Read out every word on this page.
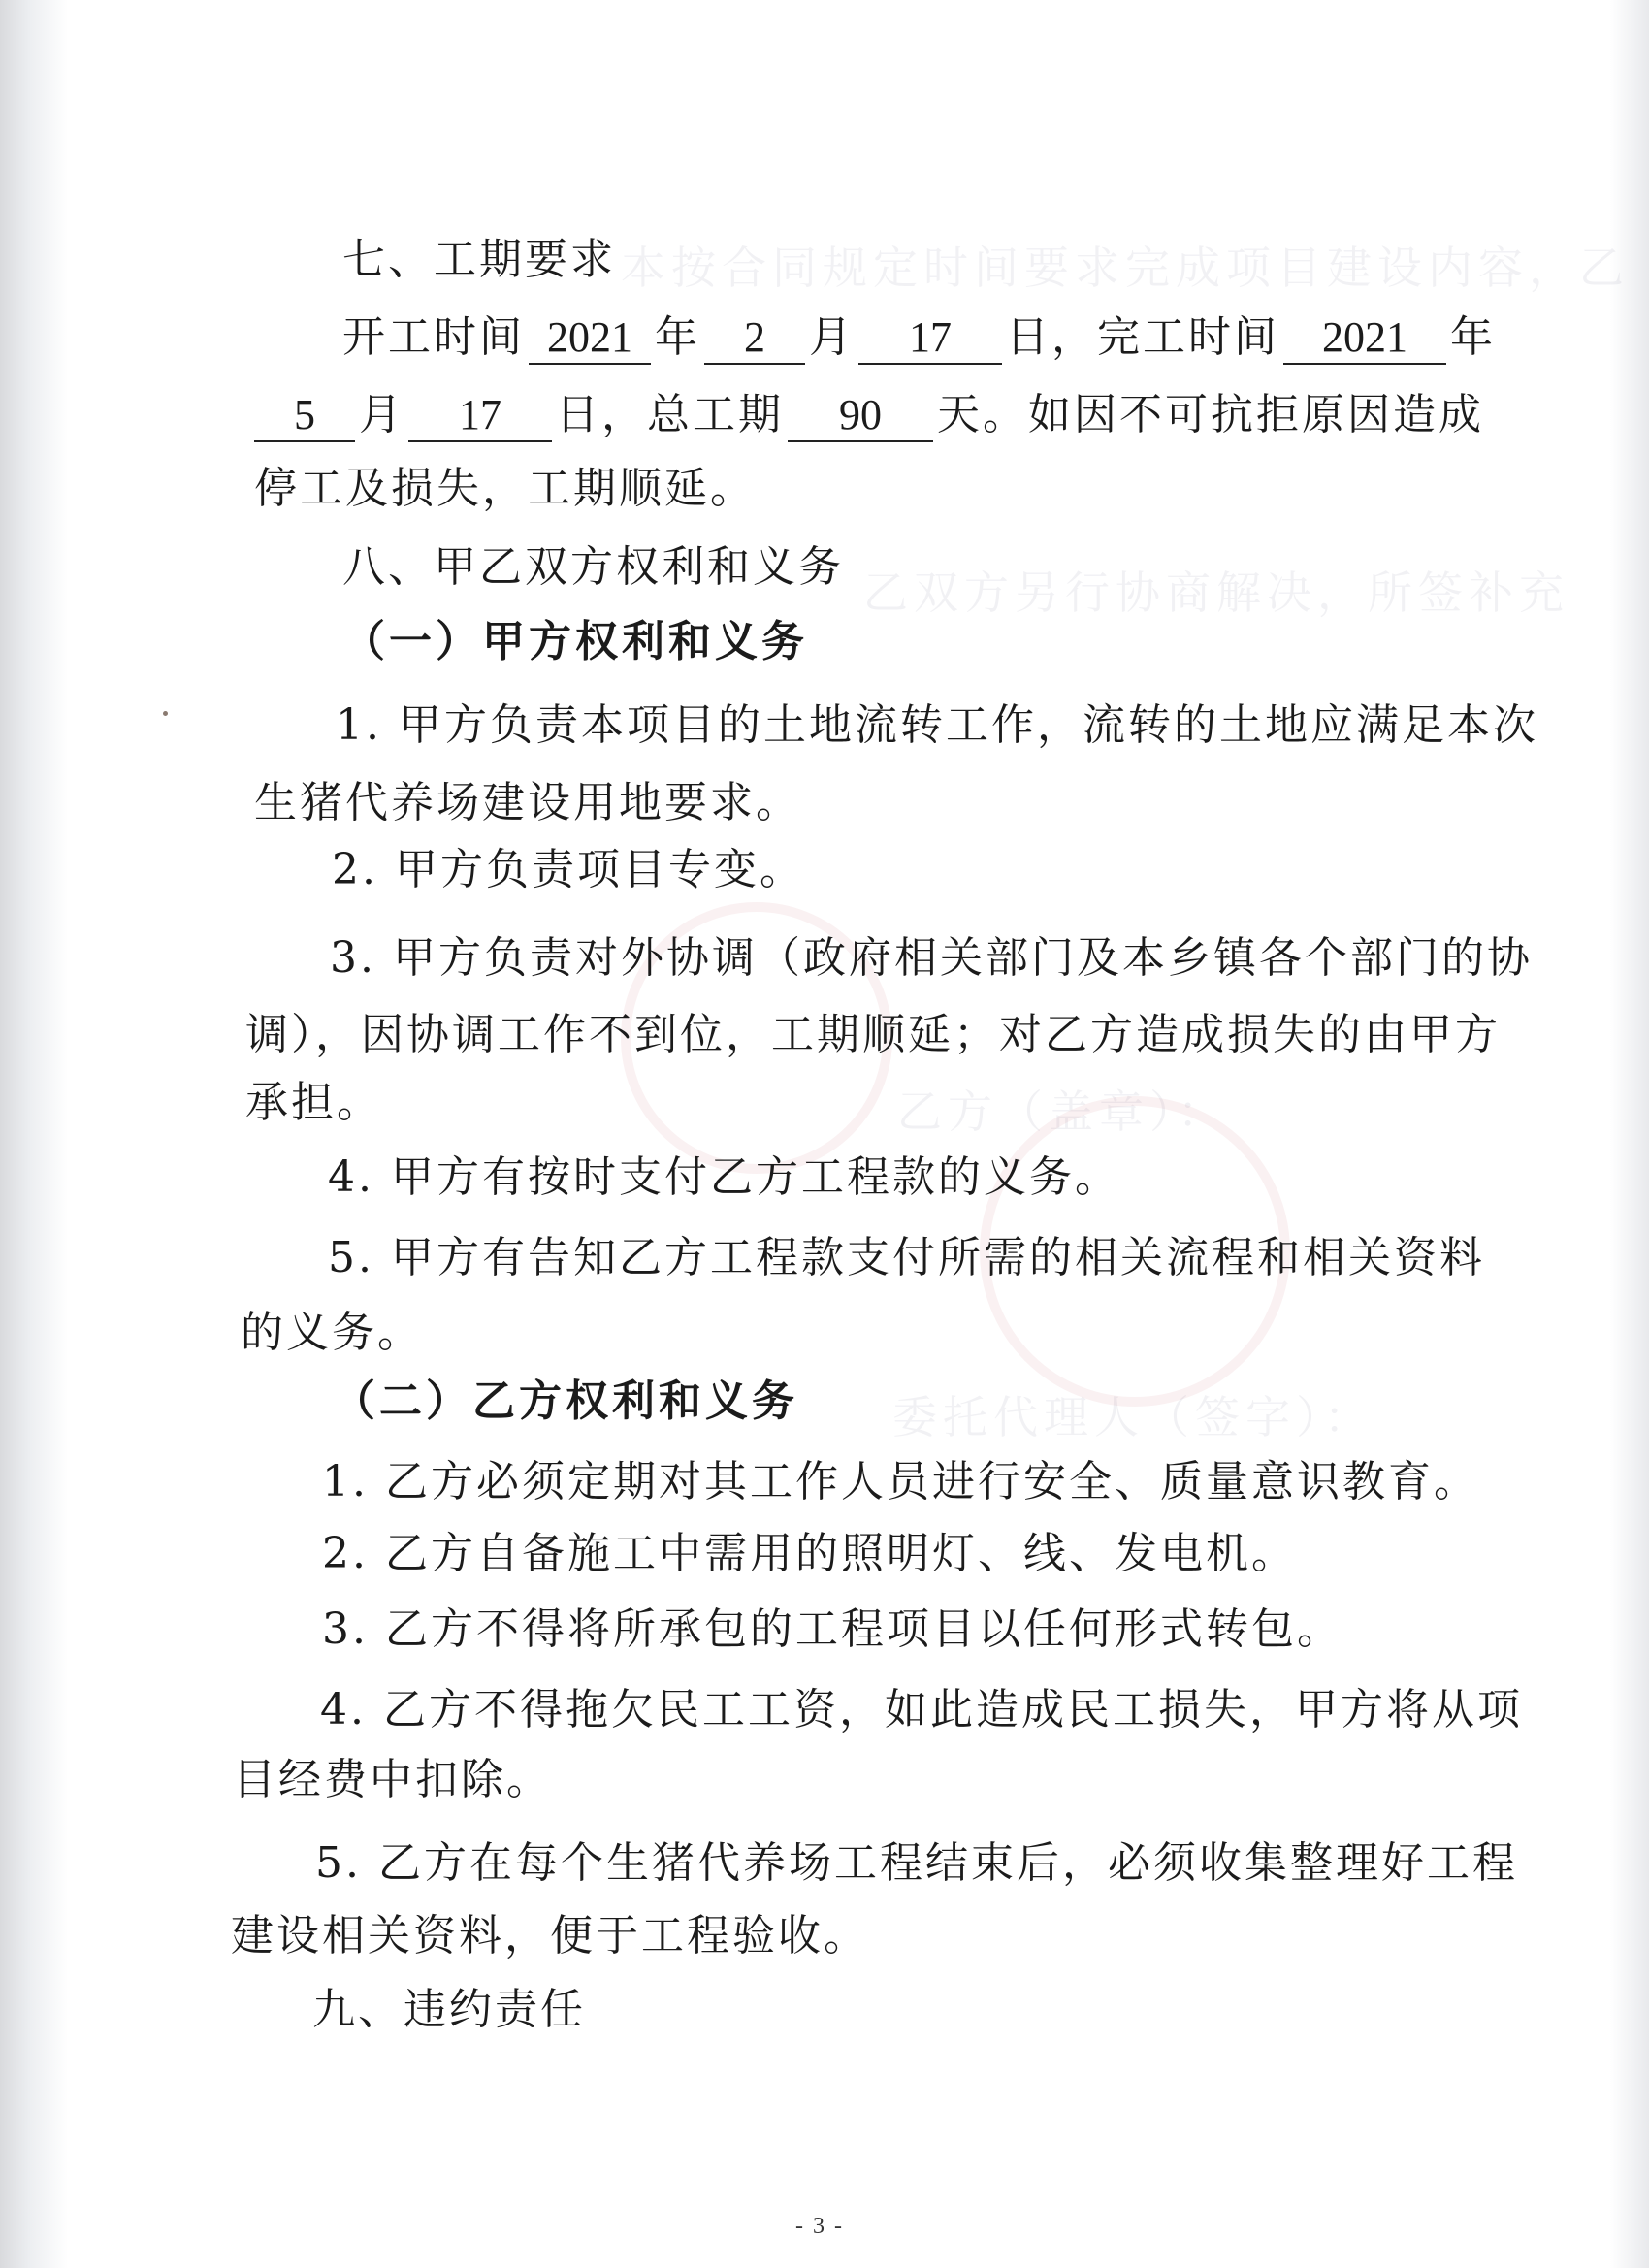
本按合同规定时间要求完成项目建设内容，乙
乙双方另行协商解决，所签补充
乙方（盖章）：
委托代理人（签字）：
七、工期要求
开工时间 2021 年 2 月 17 日，完工时间 2021 年
5 月 17 日，总工期 90 天。如因不可抗拒原因造成
停工及损失，工期顺延。
八、甲乙双方权利和义务
（一）甲方权利和义务
1. 甲方负责本项目的土地流转工作，流转的土地应满足本次
生猪代养场建设用地要求。
2. 甲方负责项目专变。
3. 甲方负责对外协调（政府相关部门及本乡镇各个部门的协
调），因协调工作不到位，工期顺延；对乙方造成损失的由甲方
承担。
4. 甲方有按时支付乙方工程款的义务。
5. 甲方有告知乙方工程款支付所需的相关流程和相关资料
的义务。
（二）乙方权利和义务
1. 乙方必须定期对其工作人员进行安全、质量意识教育。
2. 乙方自备施工中需用的照明灯、线、发电机。
3. 乙方不得将所承包的工程项目以任何形式转包。
4. 乙方不得拖欠民工工资，如此造成民工损失，甲方将从项
目经费中扣除。
5. 乙方在每个生猪代养场工程结束后，必须收集整理好工程
建设相关资料，便于工程验收。
九、违约责任
- 3 -
